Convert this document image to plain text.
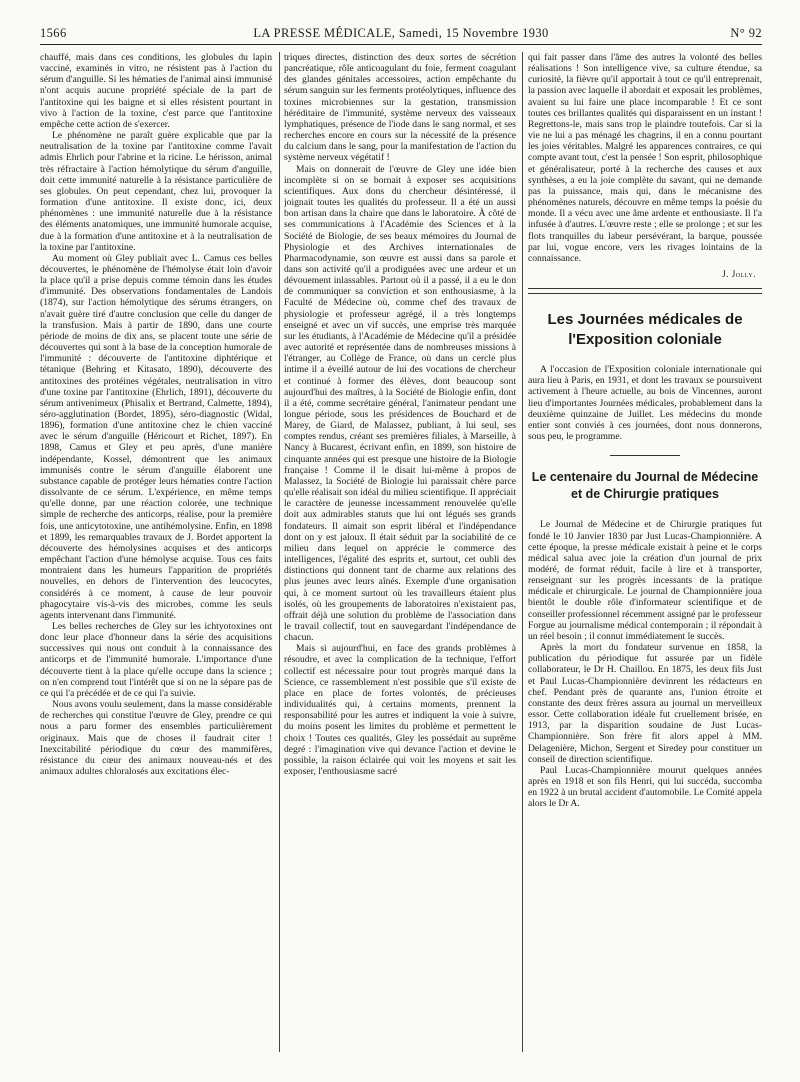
1566	LA PRESSE MÉDICALE, Samedi, 15 Novembre 1930	N° 92

chauffé, mais dans ces conditions, les globules du lapin vacciné, examinés in vitro, ne résistent pas à l'action du sérum d'anguille. Si les hématies de l'animal ainsi immunisé n'ont acquis aucune propriété spéciale de la part de l'antitoxine qui les baigne et si elles résistent pourtant in vivo à l'action de la toxine, c'est parce que l'antitoxine empêche cette action de s'exercer.

Le phénomène ne paraît guère explicable que par la neutralisation de la toxine par l'antitoxine comme l'avait admis Ehrlich pour l'abrine et la ricine. Le hérisson, animal très réfractaire à l'action hémolytique du sérum d'anguille, doit cette immunité naturelle à la résistance particulière de ses globules. On peut cependant, chez lui, provoquer la formation d'une antitoxine. Il existe donc, ici, deux phénomènes : une immunité naturelle due à la résistance des éléments anatomiques, une immunité humorale acquise, due à la formation d'une antitoxine et à la neutralisation de la toxine par l'antitoxine.

Au moment où Gley publiait avec L. Camus ces belles découvertes, le phénomène de l'hémolyse était loin d'avoir la place qu'il a prise depuis comme témoin dans les études d'immunité. Des observations fondamentales de Landois (1874), sur l'action hémolytique des sérums étrangers, on n'avait guère tiré d'autre conclusion que celle du danger de la transfusion. Mais à partir de 1890, dans une courte période de moins de dix ans, se placent toute une série de découvertes qui sont à la base de la conception humorale de l'immunité : découverte de l'antitoxine diphtérique et tétanique (Behring et Kitasato, 1890), découverte des antitoxines des protéines végétales, neutralisation in vitro d'une toxine par l'antitoxine (Ehrlich, 1891), découverte du sérum antivenimeux (Phisalix et Bertrand, Calmette, 1894), séro-agglutination (Bordet, 1895), séro-diagnostic (Widal, 1896), formation d'une antitoxine chez le chien vacciné avec le sérum d'anguille (Héricourt et Richet, 1897). En 1898, Camus et Gley et peu après, d'une manière indépendante, Kossel, démontrent que les animaux immunisés contre le sérum d'anguille élaborent une substance capable de protéger leurs hématies contre l'action dissolvante de ce sérum. L'expérience, en même temps qu'elle donne, par une réaction colorée, une technique simple de recherche des anticorps, réalise, pour la première fois, une anticytotoxine, une antihémolysine. Enfin, en 1898 et 1899, les remarquables travaux de J. Bordet apportent la découverte des hémolysines acquises et des anticorps empêchant l'action d'une hémolyse acquise. Tous ces faits montraient dans les humeurs l'apparition de propriétés nouvelles, en dehors de l'intervention des leucocytes, considérés à ce moment, à cause de leur pouvoir phagocytaire vis-à-vis des microbes, comme les seuls agents intervenant dans l'immunité.

Les belles recherches de Gley sur les ichtyotoxines ont donc leur place d'honneur dans la série des acquisitions successives qui nous ont conduit à la connaissance des anticorps et de l'immunité humorale. L'importance d'une découverte tient à la place qu'elle occupe dans la science ; on n'en comprend tout l'intérêt que si on ne la sépare pas de ce qui l'a précédée et de ce qui l'a suivie.

Nous avons voulu seulement, dans la masse considérable de recherches qui constitue l'œuvre de Gley, prendre ce qui nous a paru former des ensembles particulièrement originaux. Mais que de choses il faudrait citer ! Inexcitabilité périodique du cœur des mammifères, résistance du cœur des animaux nouveau-nés et des animaux adultes chloralosés aux excitations élec-

triques directes, distinction des deux sortes de sécrétion pancréatique, rôle anticoagulant du foie, ferment coagulant des glandes génitales accessoires, action empêchante du sérum sanguin sur les ferments protéolytiques, influence des toxines microbiennes sur la gestation, transmission héréditaire de l'immunité, système nerveux des vaisseaux lymphatiques, présence de l'iode dans le sang normal, et ses recherches encore en cours sur la nécessité de la présence du calcium dans le sang, pour la manifestation de l'action du système nerveux végétatif !

Mais on donnerait de l'œuvre de Gley une idée bien incomplète si on se bornait à exposer ses acquisitions scientifiques. Aux dons du chercheur désintéressé, il joignait toutes les qualités du professeur. Il a été un aussi bon artisan dans la chaire que dans le laboratoire. À côté de ses communications à l'Académie des Sciences et à la Société de Biologie, de ses beaux mémoires du Journal de Physiologie et des Archives internationales de Pharmacodynamie, son œuvre est aussi dans sa parole et dans son activité qu'il a prodiguées avec une ardeur et un dévouement inlassables. Partout où il a passé, il a eu le don de communiquer sa conviction et son enthousiasme, à la Faculté de Médecine où, comme chef des travaux de physiologie et professeur agrégé, il a très longtemps enseigné et avec un vif succès, une emprise très marquée sur les étudiants, à l'Académie de Médecine qu'il a présidée avec autorité et représentée dans de nombreuses missions à l'étranger, au Collège de France, où dans un cercle plus intime il a éveillé autour de lui des vocations de chercheur et continué à former des élèves, dont beaucoup sont aujourd'hui des maîtres, à la Société de Biologie enfin, dont il a été, comme secrétaire général, l'animateur pendant une longue période, sous les présidences de Bouchard et de Marey, de Giard, de Malassez, publiant, à lui seul, ses comptes rendus, créant ses premières filiales, à Marseille, à Nancy à Bucarest, écrivant enfin, en 1899, son histoire de cinquante années qui est presque une histoire de la Biologie française ! Comme il le disait lui-même à propos de Malassez, la Société de Biologie lui paraissait chère parce qu'elle réalisait son idéal du milieu scientifique. Il appréciait le caractère de jeunesse incessamment renouvelée qu'elle doit aux admirables statuts que lui ont légués ses grands fondateurs. Il aimait son esprit libéral et l'indépendance dont on y est jaloux. Il était séduit par la sociabilité de ce milieu dans lequel on apprécie le commerce des intelligences, l'égalité des esprits et, surtout, cet oubli des distinctions qui donnent tant de charme aux relations des plus jeunes avec leurs aînés. Exemple d'une organisation qui, à ce moment surtout où les travailleurs étaient plus isolés, où les groupements de laboratoires n'existaient pas, offrait déjà une solution du problème de l'association dans le travail collectif, tout en sauvegardant l'indépendance de chacun.

Mais si aujourd'hui, en face des grands problèmes à résoudre, et avec la complication de la technique, l'effort collectif est nécessaire pour tout progrès marqué dans la Science, ce rassemblement n'est possible que s'il existe de place en place de fortes volontés, de précieuses individualités qui, à certains moments, prennent la responsabilité pour les autres et indiquent la voie à suivre, du moins posent les limites du problème et permettent le choix ! Toutes ces qualités, Gley les possédait au suprême degré : l'imagination vive qui devance l'action et devine le possible, la raison éclairée qui voit les moyens et sait les exposer, l'enthousiasme sacré

qui fait passer dans l'âme des autres la volonté des belles réalisations ! Son intelligence vive, sa culture étendue, sa curiosité, la fièvre qu'il apportait à tout ce qu'il entreprenait, la passion avec laquelle il abordait et exposait les problèmes, avaient su lui faire une place incomparable ! Et ce sont toutes ces brillantes qualités qui disparaissent en un instant ! Regrettons-le, mais sans trop le plaindre toutefois. Car si la vie ne lui a pas ménagé les chagrins, il en a connu pourtant les joies véritables. Malgré les apparences contraires, ce qui compte avant tout, c'est la pensée ! Son esprit, philosophique et généralisateur, porté à la recherche des causes et aux synthèses, a eu la joie complète du savant, qui ne demande pas la puissance, mais qui, dans le mécanisme des phénomènes naturels, découvre en même temps la poésie du monde. Il a vécu avec une âme ardente et enthousiaste. Il l'a infusée à d'autres. L'œuvre reste ; elle se prolonge ; et sur les flots tranquilles du labeur persévérant, la barque, poussée par lui, vogue encore, vers les rivages lointains de la connaissance.

J. Jolly.
Les Journées médicales de l'Exposition coloniale

A l'occasion de l'Exposition coloniale internationale qui aura lieu à Paris, en 1931, et dont les travaux se poursuivent activement à l'heure actuelle, au bois de Vincennes, auront lieu d'importantes Journées médicales, probablement dans la deuxième quinzaine de Juillet. Les médecins du monde entier sont conviés à ces journées, dont nous donnerons, sous peu, le programme.

Le centenaire du Journal de Médecine et de Chirurgie pratiques

Le Journal de Médecine et de Chirurgie pratiques fut fondé le 10 Janvier 1830 par Just Lucas-Championnière. A cette époque, la presse médicale existait à peine et le corps médical salua avec joie la création d'un journal de prix modéré, de format réduit, facile à lire et à transporter, renseignant sur les progrès incessants de la pratique médicale et chirurgicale. Le journal de Championnière joua bientôt le double rôle d'informateur scientifique et de conseiller professionnel récemment assigné par le professeur Forgue au journalisme médical contemporain ; il répondait à un réel besoin ; il connut immédiatement le succès.

Après la mort du fondateur survenue en 1858, la publication du périodique fut assurée par un fidèle collaborateur, le Dr H. Chaillou. En 1875, les deux fils Just et Paul Lucas-Championnière devinrent les rédacteurs en chef. Pendant près de quarante ans, l'union étroite et constante des deux frères assura au journal un merveilleux essor. Cette collaboration idéale fut cruellement brisée, en 1913, par la disparition soudaine de Just Lucas-Championnière. Son frère fit alors appel à MM. Delagenière, Michon, Sergent et Siredey pour constituer un conseil de direction scientifique.

Paul Lucas-Championnière mourut quelques années après en 1918 et son fils Henri, qui lui succéda, succomba en 1922 à un brutal accident d'automobile. Le Comité appela alors le Dr A.
